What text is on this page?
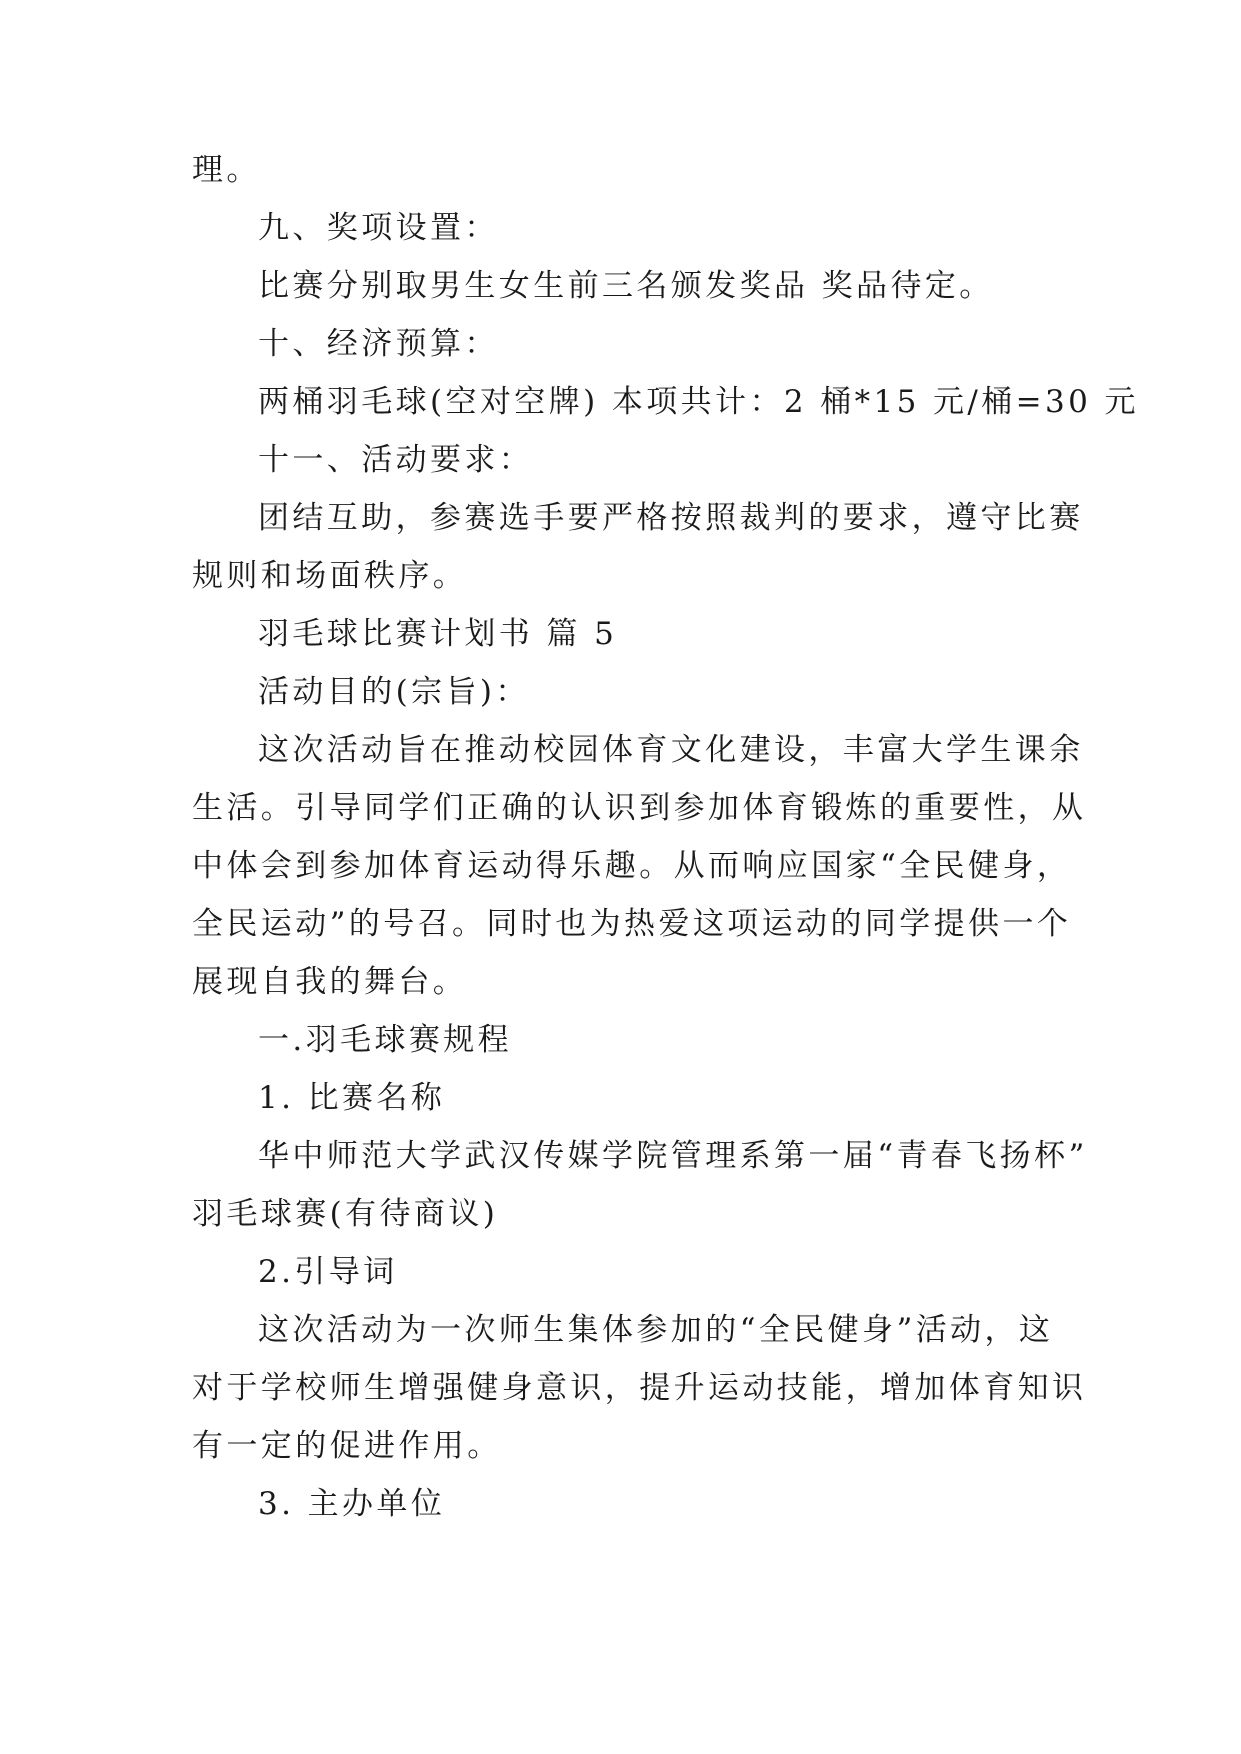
理。
九、奖项设置：
比赛分别取男生女生前三名颁发奖品 奖品待定。
十、经济预算：
两桶羽毛球(空对空牌) 本项共计：2 桶*15 元/桶=30 元
十一、活动要求：
团结互助，参赛选手要严格按照裁判的要求，遵守比赛
规则和场面秩序。
羽毛球比赛计划书 篇 5
活动目的(宗旨)：
这次活动旨在推动校园体育文化建设，丰富大学生课余
生活。引导同学们正确的认识到参加体育锻炼的重要性，从
中体会到参加体育运动得乐趣。从而响应国家“全民健身，
全民运动”的号召。同时也为热爱这项运动的同学提供一个
展现自我的舞台。
一.羽毛球赛规程
1. 比赛名称
华中师范大学武汉传媒学院管理系第一届“青春飞扬杯”
羽毛球赛(有待商议)
2.引导词
这次活动为一次师生集体参加的“全民健身”活动，这
对于学校师生增强健身意识，提升运动技能，增加体育知识
有一定的促进作用。
3. 主办单位
